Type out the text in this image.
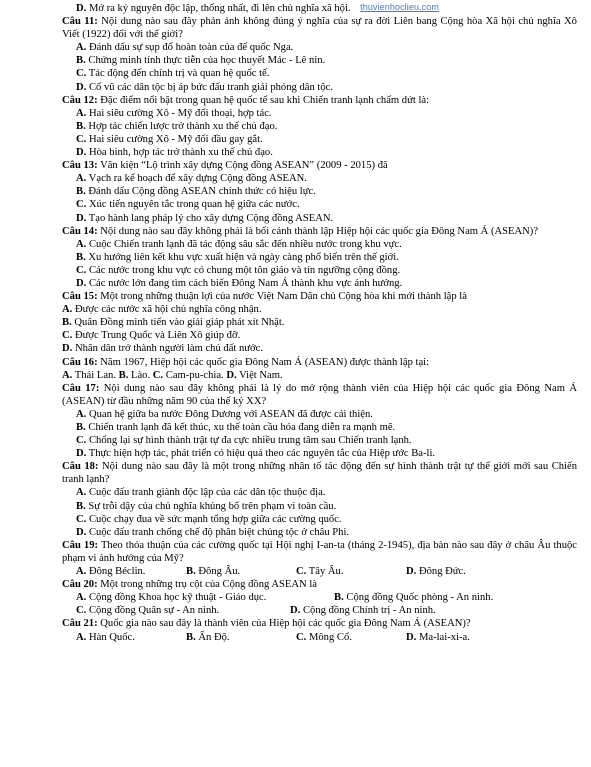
thuvienhoclieu.com

D. Mở ra kỷ nguyên độc lập, thống nhất, đi lên chủ nghĩa xã hội.

Câu 11: Nội dung nào sau đây phản ánh không đúng ý nghĩa của sự ra đời Liên bang Cộng hòa Xã hội chủ nghĩa Xô Viết (1922) đối với thế giới?

A. Đánh dấu sự sụp đổ hoàn toàn của đế quốc Nga.

B. Chứng minh tính thực tiễn của học thuyết Mác - Lê nin.

C. Tác động đến chính trị và quan hệ quốc tế.

D. Cổ vũ các dân tộc bị áp bức đấu tranh giải phóng dân tộc.

Câu 12: Đặc điểm nổi bật trong quan hệ quốc tế sau khi Chiến tranh lạnh chấm dứt là:

A. Hai siêu cường Xô - Mỹ đối thoại, hợp tác.

B. Hợp tác chiến lược trở thành xu thế chủ đạo.

C. Hai siêu cường Xô - Mỹ đối đầu gay gắt.

D. Hòa bình, hợp tác trở thành xu thế chủ đạo.

Câu 13: Văn kiện “Lộ trình xây dựng Cộng đồng ASEAN” (2009 - 2015) đã

A. Vạch ra kế hoạch để xây dựng Cộng đồng ASEAN.

B. Đánh dấu Cộng đồng ASEAN chính thức có hiệu lực.

C. Xúc tiến nguyên tắc trong quan hệ giữa các nước.

D. Tạo hành lang pháp lý cho xây dựng Cộng đồng ASEAN.

Câu 14: Nội dung nào sau đây không phải là bối cảnh thành lập Hiệp hội các quốc gia Đông Nam Á (ASEAN)?

A. Cuộc Chiến tranh lạnh đã tác động sâu sắc đến nhiều nước trong khu vực.

B. Xu hướng liên kết khu vực xuất hiện và ngày càng phổ biến trên thế giới.

C. Các nước trong khu vực có chung một tôn giáo và tín ngưỡng cộng đồng.

D. Các nước lớn đang tìm cách biến Đông Nam Á thành khu vực ảnh hưởng.

Câu 15: Một trong những thuận lợi của nước Việt Nam Dân chủ Cộng hòa khi mới thành lập là

A. Được các nước xã hội chủ nghĩa công nhận.

B. Quân Đồng minh tiến vào giải giáp phát xít Nhật.

C. Được Trung Quốc và Liên Xô giúp đỡ.

D. Nhân dân trở thành người làm chủ đất nước.

Câu 16: Năm 1967, Hiệp hội các quốc gia Đông Nam Á (ASEAN) được thành lập tại:

A. Thái Lan. B. Lào. C. Cam-pu-chia. D. Việt Nam.

Câu 17: Nội dung nào sau đây không phải là lý do mở rộng thành viên của Hiệp hội các quốc gia Đông Nam Á (ASEAN) từ đầu những năm 90 của thế kỷ XX?

A. Quan hệ giữa ba nước Đông Dương với ASEAN đã được cải thiện.

B. Chiến tranh lạnh đã kết thúc, xu thế toàn cầu hóa đang diễn ra mạnh mẽ.

C. Chống lại sự hình thành trật tự đa cực nhiều trung tâm sau Chiến tranh lạnh.

D. Thực hiện hợp tác, phát triển có hiệu quả theo các nguyên tắc của Hiệp ước Ba-li.

Câu 18: Nội dung nào sau đây là một trong những nhân tố tác động đến sự hình thành trật tự thế giới mới sau Chiến tranh lạnh?

A. Cuộc đấu tranh giành độc lập của các dân tộc thuộc địa.

B. Sự trỗi dậy của chủ nghĩa khủng bố trên phạm vi toàn cầu.

C. Cuộc chạy đua về sức mạnh tổng hợp giữa các cường quốc.

D. Cuộc đấu tranh chống chế độ phân biệt chủng tộc ở châu Phi.

Câu 19: Theo thỏa thuận của các cường quốc tại Hội nghị I-an-ta (tháng 2-1945), địa bàn nào sau đây ở châu Âu thuộc phạm vi ảnh hưởng của Mỹ?

A. Đông Béclin.	B. Đông Âu.	C. Tây Âu.	D. Đông Đức.

Câu 20: Một trong những trụ cột của Cộng đồng ASEAN là

A. Cộng đồng Khoa học kỹ thuật - Giáo dục.	B. Cộng đồng Quốc phòng - An ninh.
C. Cộng đồng Quân sự - An ninh.	D. Cộng đồng Chính trị - An ninh.

Câu 21: Quốc gia nào sau đây là thành viên của Hiệp hội các quốc gia Đông Nam Á (ASEAN)?

A. Hàn Quốc.	B. Ấn Độ.	C. Mông Cổ.	D. Ma-lai-xi-a.
